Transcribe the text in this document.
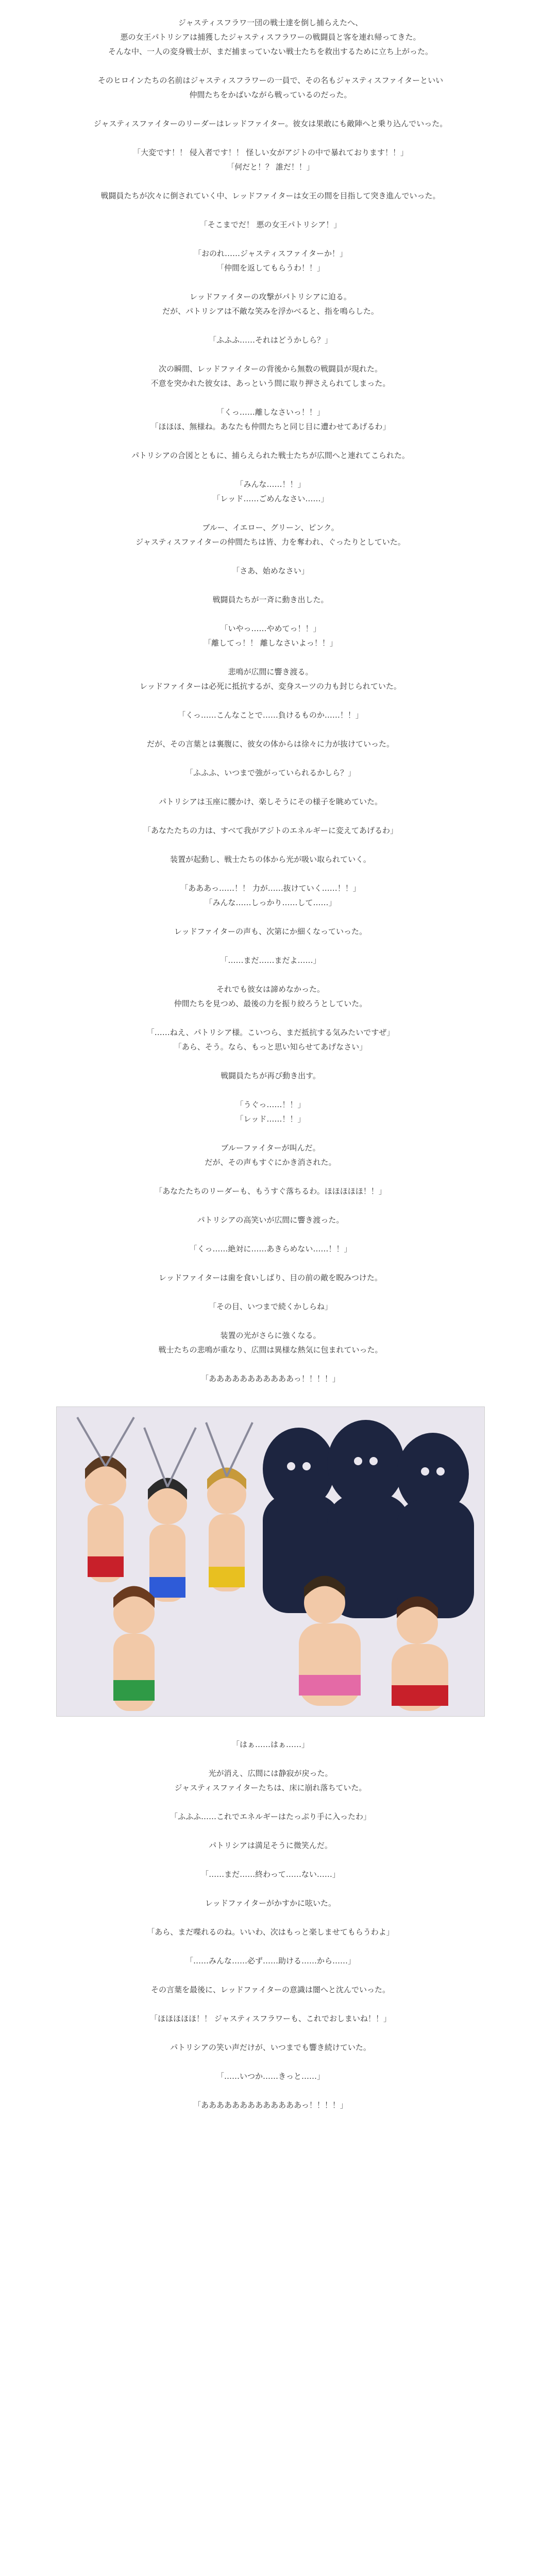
ジャスティスフラワ一団の戦士達を倒し捕らえたへ、

悪の女王パトリシアは捕獲したジャスティスフラワーの戦闘員と客を連れ帰ってきた。

そんな中、一人の変身戦士が、まだ捕まっていない戦士たちを救出するために立ち上がった。

そのヒロインたちの名前はジャスティスフラワーの一員で、その名もジャスティスファイターといい

仲間たちをかばいながら戦っているのだった。

ジャスティスファイターのリーダーはレッドファイター。彼女は果敢にも敵陣へと乗り込んでいった。

「大変です！！ 侵入者です！！ 怪しい女がアジトの中で暴れております！！」

「何だと！？ 誰だ！！」

戦闘員たちが次々に倒されていく中、レッドファイターは女王の間を目指して突き進んでいった。

「そこまでだ！ 悪の女王パトリシア！」

「おのれ……ジャスティスファイターか！」

「仲間を返してもらうわ！！」

レッドファイターの攻撃がパトリシアに迫る。

だが、パトリシアは不敵な笑みを浮かべると、指を鳴らした。

「ふふふ……それはどうかしら？」

次の瞬間、レッドファイターの背後から無数の戦闘員が現れた。

不意を突かれた彼女は、あっという間に取り押さえられてしまった。

「くっ……離しなさいっ！！」

「ほほほ、無様ね。あなたも仲間たちと同じ目に遭わせてあげるわ」

パトリシアの合図とともに、捕らえられた戦士たちが広間へと連れてこられた。

「みんな……！！」

「レッド……ごめんなさい……」

ブルー、イエロー、グリーン、ピンク。

ジャスティスファイターの仲間たちは皆、力を奪われ、ぐったりとしていた。

「さあ、始めなさい」

戦闘員たちが一斉に動き出した。

「いやっ……やめてっ！！」

「離してっ！！ 離しなさいよっ！！」

悲鳴が広間に響き渡る。

レッドファイターは必死に抵抗するが、変身スーツの力も封じられていた。

「くっ……こんなことで……負けるものか……！！」

だが、その言葉とは裏腹に、彼女の体からは徐々に力が抜けていった。

「ふふふ、いつまで強がっていられるかしら？」

パトリシアは玉座に腰かけ、楽しそうにその様子を眺めていた。

「あなたたちの力は、すべて我がアジトのエネルギーに変えてあげるわ」

装置が起動し、戦士たちの体から光が吸い取られていく。

「あああっ……！！ 力が……抜けていく……！！」

「みんな……しっかり……して……」

レッドファイターの声も、次第にか細くなっていった。

「……まだ……まだよ……」

それでも彼女は諦めなかった。

仲間たちを見つめ、最後の力を振り絞ろうとしていた。

「……ねえ、パトリシア様。こいつら、まだ抵抗する気みたいですぜ」

「あら、そう。なら、もっと思い知らせてあげなさい」

戦闘員たちが再び動き出す。

「うぐっ……！！」

「レッド……！！」

ブルーファイターが叫んだ。

だが、その声もすぐにかき消された。

「あなたたちのリーダーも、もうすぐ落ちるわ。ほほほほほ！！」

パトリシアの高笑いが広間に響き渡った。

「くっ……絶対に……あきらめない……！！」

レッドファイターは歯を食いしばり、目の前の敵を睨みつけた。

「その目、いつまで続くかしらね」

装置の光がさらに強くなる。

戦士たちの悲鳴が重なり、広間は異様な熱気に包まれていった。

「あああああああああああっ！！！！」

「はぁ……はぁ……」

光が消え、広間には静寂が戻った。

ジャスティスファイターたちは、床に崩れ落ちていた。

「ふふふ……これでエネルギーはたっぷり手に入ったわ」

パトリシアは満足そうに微笑んだ。

「……まだ……終わって……ない……」

レッドファイターがかすかに呟いた。

「あら、まだ喋れるのね。いいわ、次はもっと楽しませてもらうわよ」

「……みんな……必ず……助ける……から……」

その言葉を最後に、レッドファイターの意識は闇へと沈んでいった。

「ほほほほほ！！ ジャスティスフラワーも、これでおしまいね！！」

パトリシアの笑い声だけが、いつまでも響き続けていた。

「……いつか……きっと……」

「あああああああああああああっ！！！！」
